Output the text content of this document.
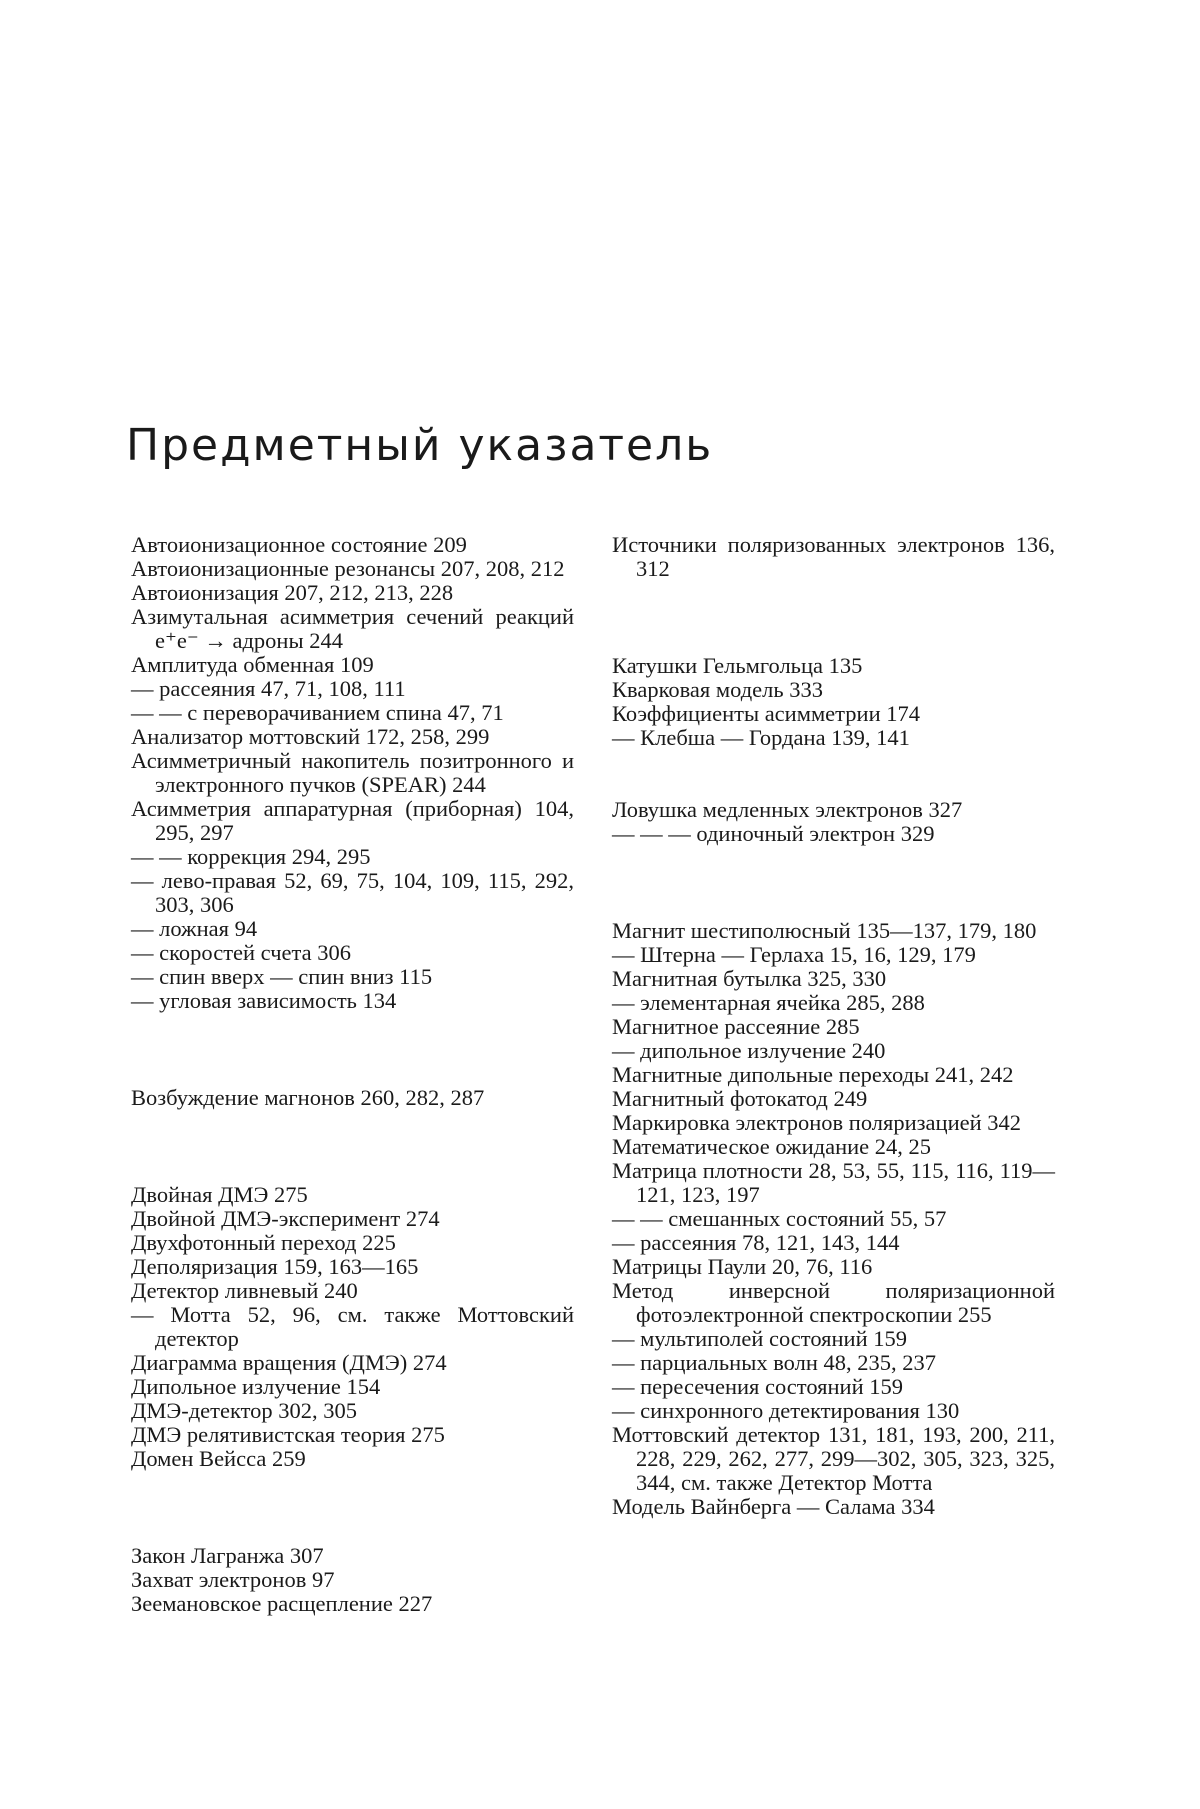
Предметный указатель
Автоионизационное состояние 209
Автоионизационные резонансы 207, 208, 212
Автоионизация 207, 212, 213, 228
Азимутальная асимметрия сечений реакций e⁺e⁻ → адроны 244
Амплитуда обменная 109
— рассеяния 47, 71, 108, 111
— — с переворачиванием спина 47, 71
Анализатор моттовский 172, 258, 299
Асимметричный накопитель позитронного и электронного пучков (SPEAR) 244
Асимметрия аппаратурная (приборная) 104, 295, 297
— — коррекция 294, 295
— лево-правая 52, 69, 75, 104, 109, 115, 292, 303, 306
— ложная 94
— скоростей счета 306
— спин вверх — спин вниз 115
— угловая зависимость 134
Возбуждение магнонов 260, 282, 287
Двойная ДМЭ 275
Двойной ДМЭ-эксперимент 274
Двухфотонный переход 225
Деполяризация 159, 163—165
Детектор ливневый 240
— Мотта 52, 96, см. также Моттовский детектор
Диаграмма вращения (ДМЭ) 274
Дипольное излучение 154
ДМЭ-детектор 302, 305
ДМЭ релятивистская теория 275
Домен Вейсса 259
Закон Лагранжа 307
Захват электронов 97
Зеемановское расщепление 227
Источники поляризованных электронов 136, 312
Катушки Гельмгольца 135
Кварковая модель 333
Коэффициенты асимметрии 174
— Клебша — Гордана 139, 141
Ловушка медленных электронов 327
— — — одиночный электрон 329
Магнит шестиполюсный 135—137, 179, 180
— Штерна — Герлаха 15, 16, 129, 179
Магнитная бутылка 325, 330
— элементарная ячейка 285, 288
Магнитное рассеяние 285
— дипольное излучение 240
Магнитные дипольные переходы 241, 242
Магнитный фотокатод 249
Маркировка электронов поляризацией 342
Математическое ожидание 24, 25
Матрица плотности 28, 53, 55, 115, 116, 119—121, 123, 197
— — смешанных состояний 55, 57
— рассеяния 78, 121, 143, 144
Матрицы Паули 20, 76, 116
Метод инверсной поляризационной фотоэлектронной спектроскопии 255
— мультиполей состояний 159
— парциальных волн 48, 235, 237
— пересечения состояний 159
— синхронного детектирования 130
Моттовский детектор 131, 181, 193, 200, 211, 228, 229, 262, 277, 299—302, 305, 323, 325, 344, см. также Детектор Мотта
Модель Вайнберга — Салама 334
